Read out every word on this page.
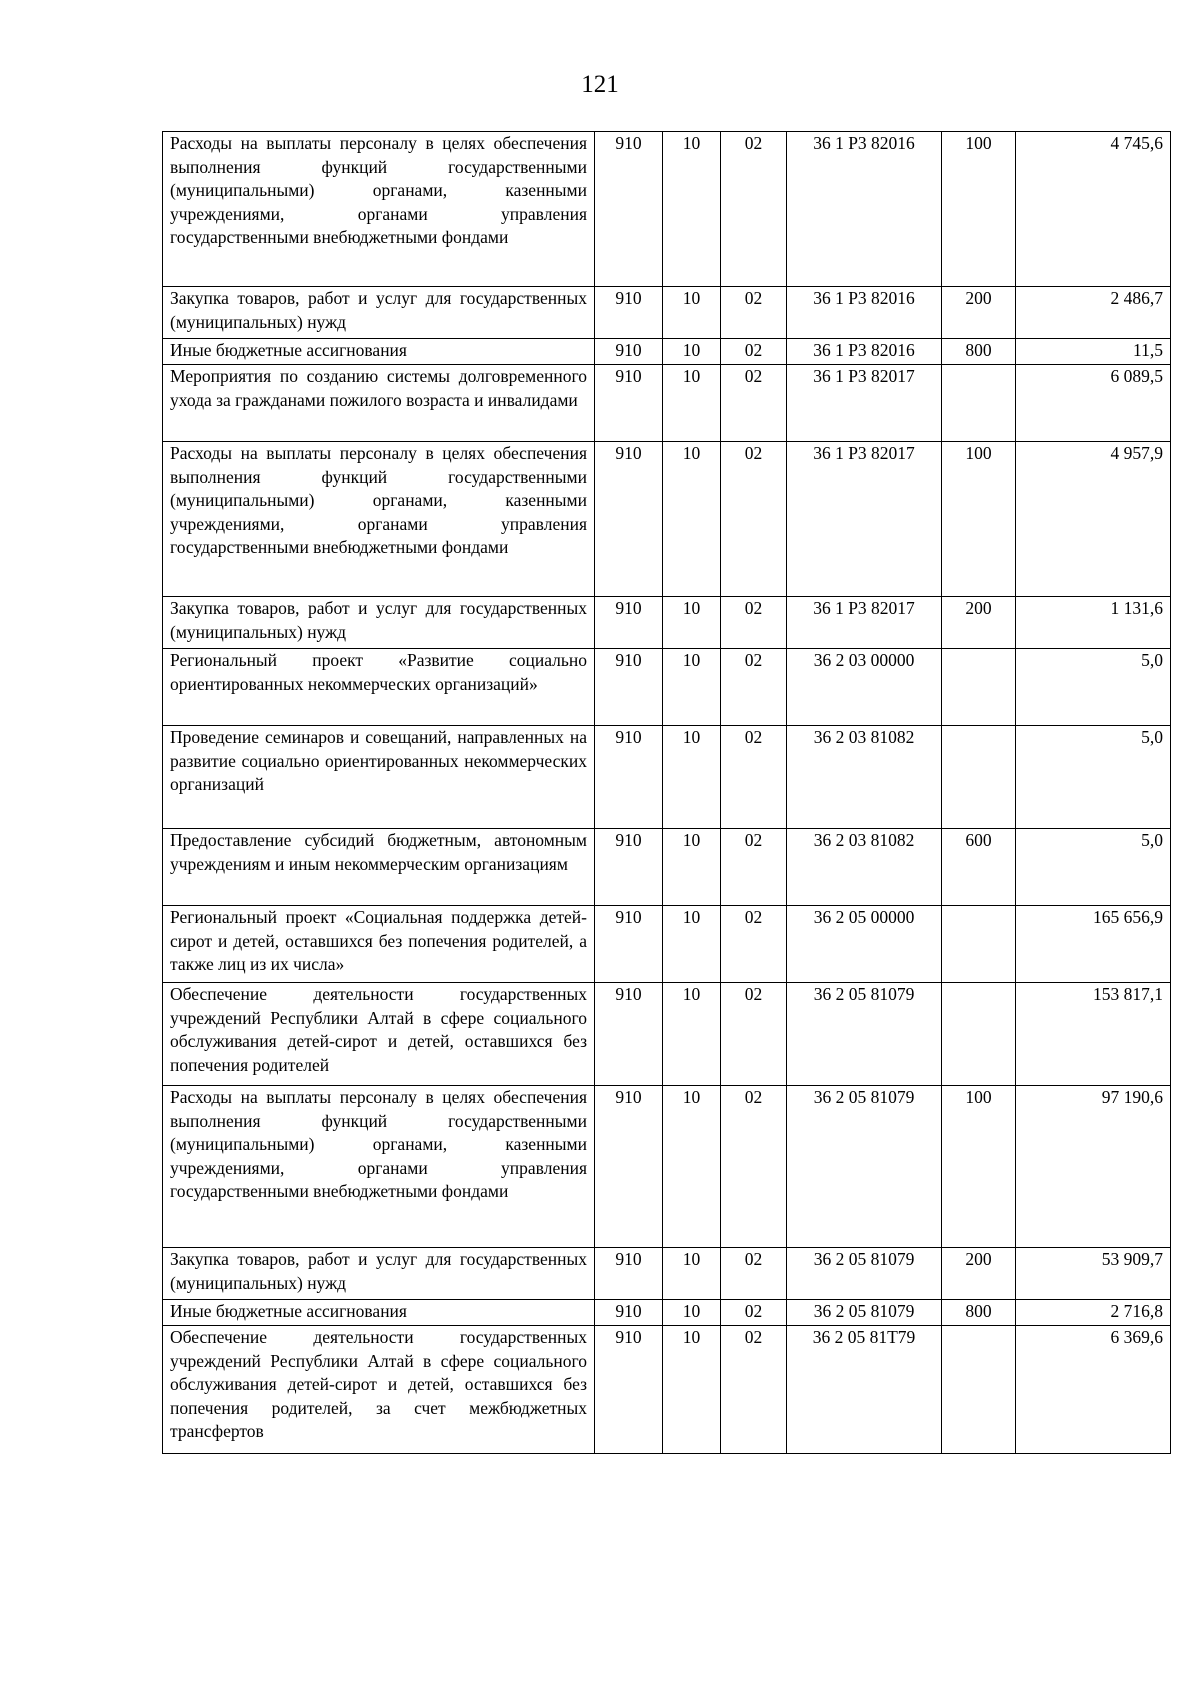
121
Расходы на выплаты персоналу в целях обеспечения выполнения функций государственными (муниципальными) органами, казенными учреждениями, органами управления государственными внебюджетными фондами	910	10	02	36 1 P3 82016	100	4 745,6
Закупка товаров, работ и услуг для государственных (муниципальных) нужд	910	10	02	36 1 P3 82016	200	2 486,7
Иные бюджетные ассигнования	910	10	02	36 1 P3 82016	800	11,5
Мероприятия по созданию системы долговременного ухода за гражданами пожилого возраста и инвалидами	910	10	02	36 1 P3 82017		6 089,5
Расходы на выплаты персоналу в целях обеспечения выполнения функций государственными (муниципальными) органами, казенными учреждениями, органами управления государственными внебюджетными фондами	910	10	02	36 1 P3 82017	100	4 957,9
Закупка товаров, работ и услуг для государственных (муниципальных) нужд	910	10	02	36 1 P3 82017	200	1 131,6
Региональный проект «Развитие социально ориентированных некоммерческих организаций»	910	10	02	36 2 03 00000		5,0
Проведение семинаров и совещаний, направленных на развитие социально ориентированных некоммерческих организаций	910	10	02	36 2 03 81082		5,0
Предоставление субсидий бюджетным, автономным учреждениям и иным некоммерческим организациям	910	10	02	36 2 03 81082	600	5,0
Региональный проект «Социальная поддержка детей-сирот и детей, оставшихся без попечения родителей, а также лиц из их числа»	910	10	02	36 2 05 00000		165 656,9
Обеспечение деятельности государственных учреждений Республики Алтай в сфере социального обслуживания детей-сирот и детей, оставшихся без попечения родителей	910	10	02	36 2 05 81079		153 817,1
Расходы на выплаты персоналу в целях обеспечения выполнения функций государственными (муниципальными) органами, казенными учреждениями, органами управления государственными внебюджетными фондами	910	10	02	36 2 05 81079	100	97 190,6
Закупка товаров, работ и услуг для государственных (муниципальных) нужд	910	10	02	36 2 05 81079	200	53 909,7
Иные бюджетные ассигнования	910	10	02	36 2 05 81079	800	2 716,8
Обеспечение деятельности государственных учреждений Республики Алтай в сфере социального обслуживания детей-сирот и детей, оставшихся без попечения родителей, за счет межбюджетных трансфертов	910	10	02	36 2 05 81Т79		6 369,6
